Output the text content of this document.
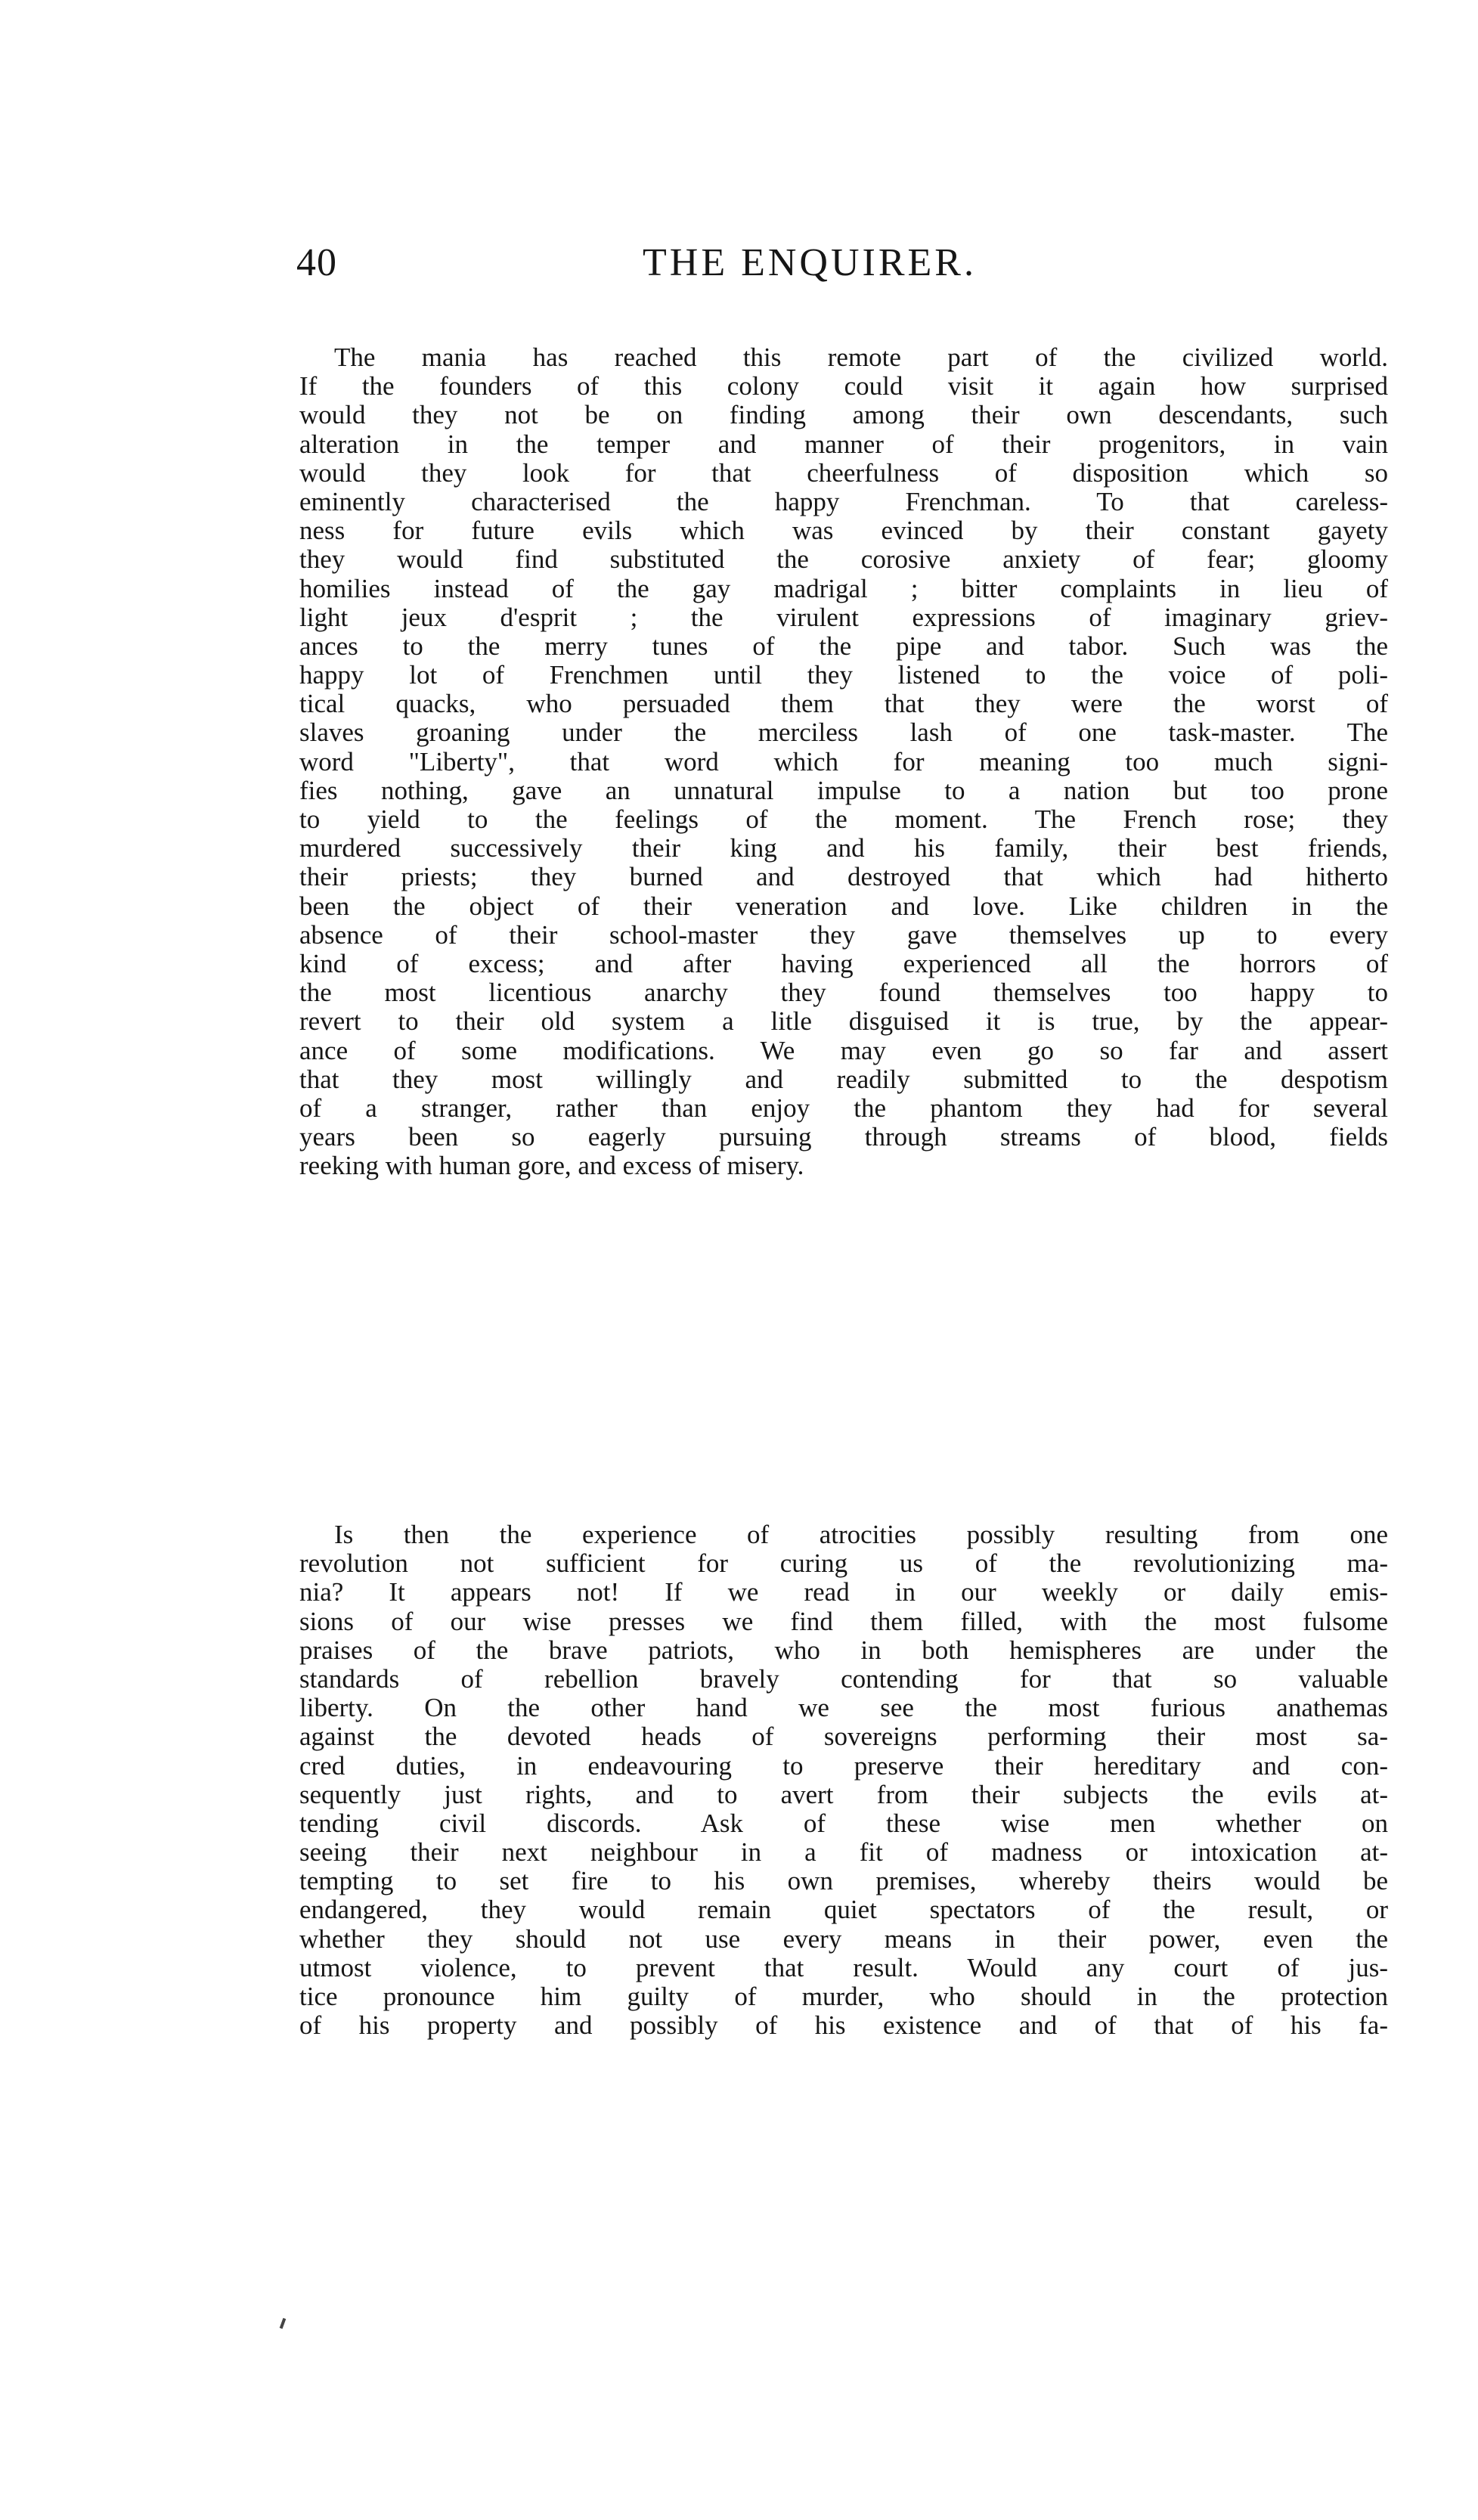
40	THE ENQUIRER.
The mania has reached this remote part of the civilized world.
If the founders of this colony could visit it again how surprised
would they not be on finding among their own descendants, such
alteration in the temper and manner of their progenitors, in vain
would they look for that cheerfulness of disposition which so
eminently characterised the happy Frenchman. To that careless-
ness for future evils which was evinced by their constant gayety
they would find substituted the corosive anxiety of fear; gloomy
homilies instead of the gay madrigal ; bitter complaints in lieu of
light jeux d'esprit ; the virulent expressions of imaginary griev-
ances to the merry tunes of the pipe and tabor. Such was the
happy lot of Frenchmen until they listened to the voice of poli-
tical quacks, who persuaded them that they were the worst of
slaves groaning under the merciless lash of one task-master. The
word "Liberty", that word which for meaning too much signi-
fies nothing, gave an unnatural impulse to a nation but too prone
to yield to the feelings of the moment. The French rose; they
murdered successively their king and his family, their best friends,
their priests; they burned and destroyed that which had hitherto
been the object of their veneration and love. Like children in the
absence of their school-master they gave themselves up to every
kind of excess; and after having experienced all the horrors of
the most licentious anarchy they found themselves too happy to
revert to their old system a litle disguised it is true, by the appear-
ance of some modifications. We may even go so far and assert
that they most willingly and readily submitted to the despotism
of a stranger, rather than enjoy the phantom they had for several
years been so eagerly pursuing through streams of blood, fields
reeking with human gore, and excess of misery.
Is then the experience of atrocities possibly resulting from one
revolution not sufficient for curing us of the revolutionizing ma-
nia? It appears not! If we read in our weekly or daily emis-
sions of our wise presses we find them filled, with the most fulsome
praises of the brave patriots, who in both hemispheres are under the
standards of rebellion bravely contending for that so valuable
liberty. On the other hand we see the most furious anathemas
against the devoted heads of sovereigns performing their most sa-
cred duties, in endeavouring to preserve their hereditary and con-
sequently just rights, and to avert from their subjects the evils at-
tending civil discords. Ask of these wise men whether on
seeing their next neighbour in a fit of madness or intoxication at-
tempting to set fire to his own premises, whereby theirs would be
endangered, they would remain quiet spectators of the result, or
whether they should not use every means in their power, even the
utmost violence, to prevent that result. Would any court of jus-
tice pronounce him guilty of murder, who should in the protection
of his property and possibly of his existence and of that of his fa-
